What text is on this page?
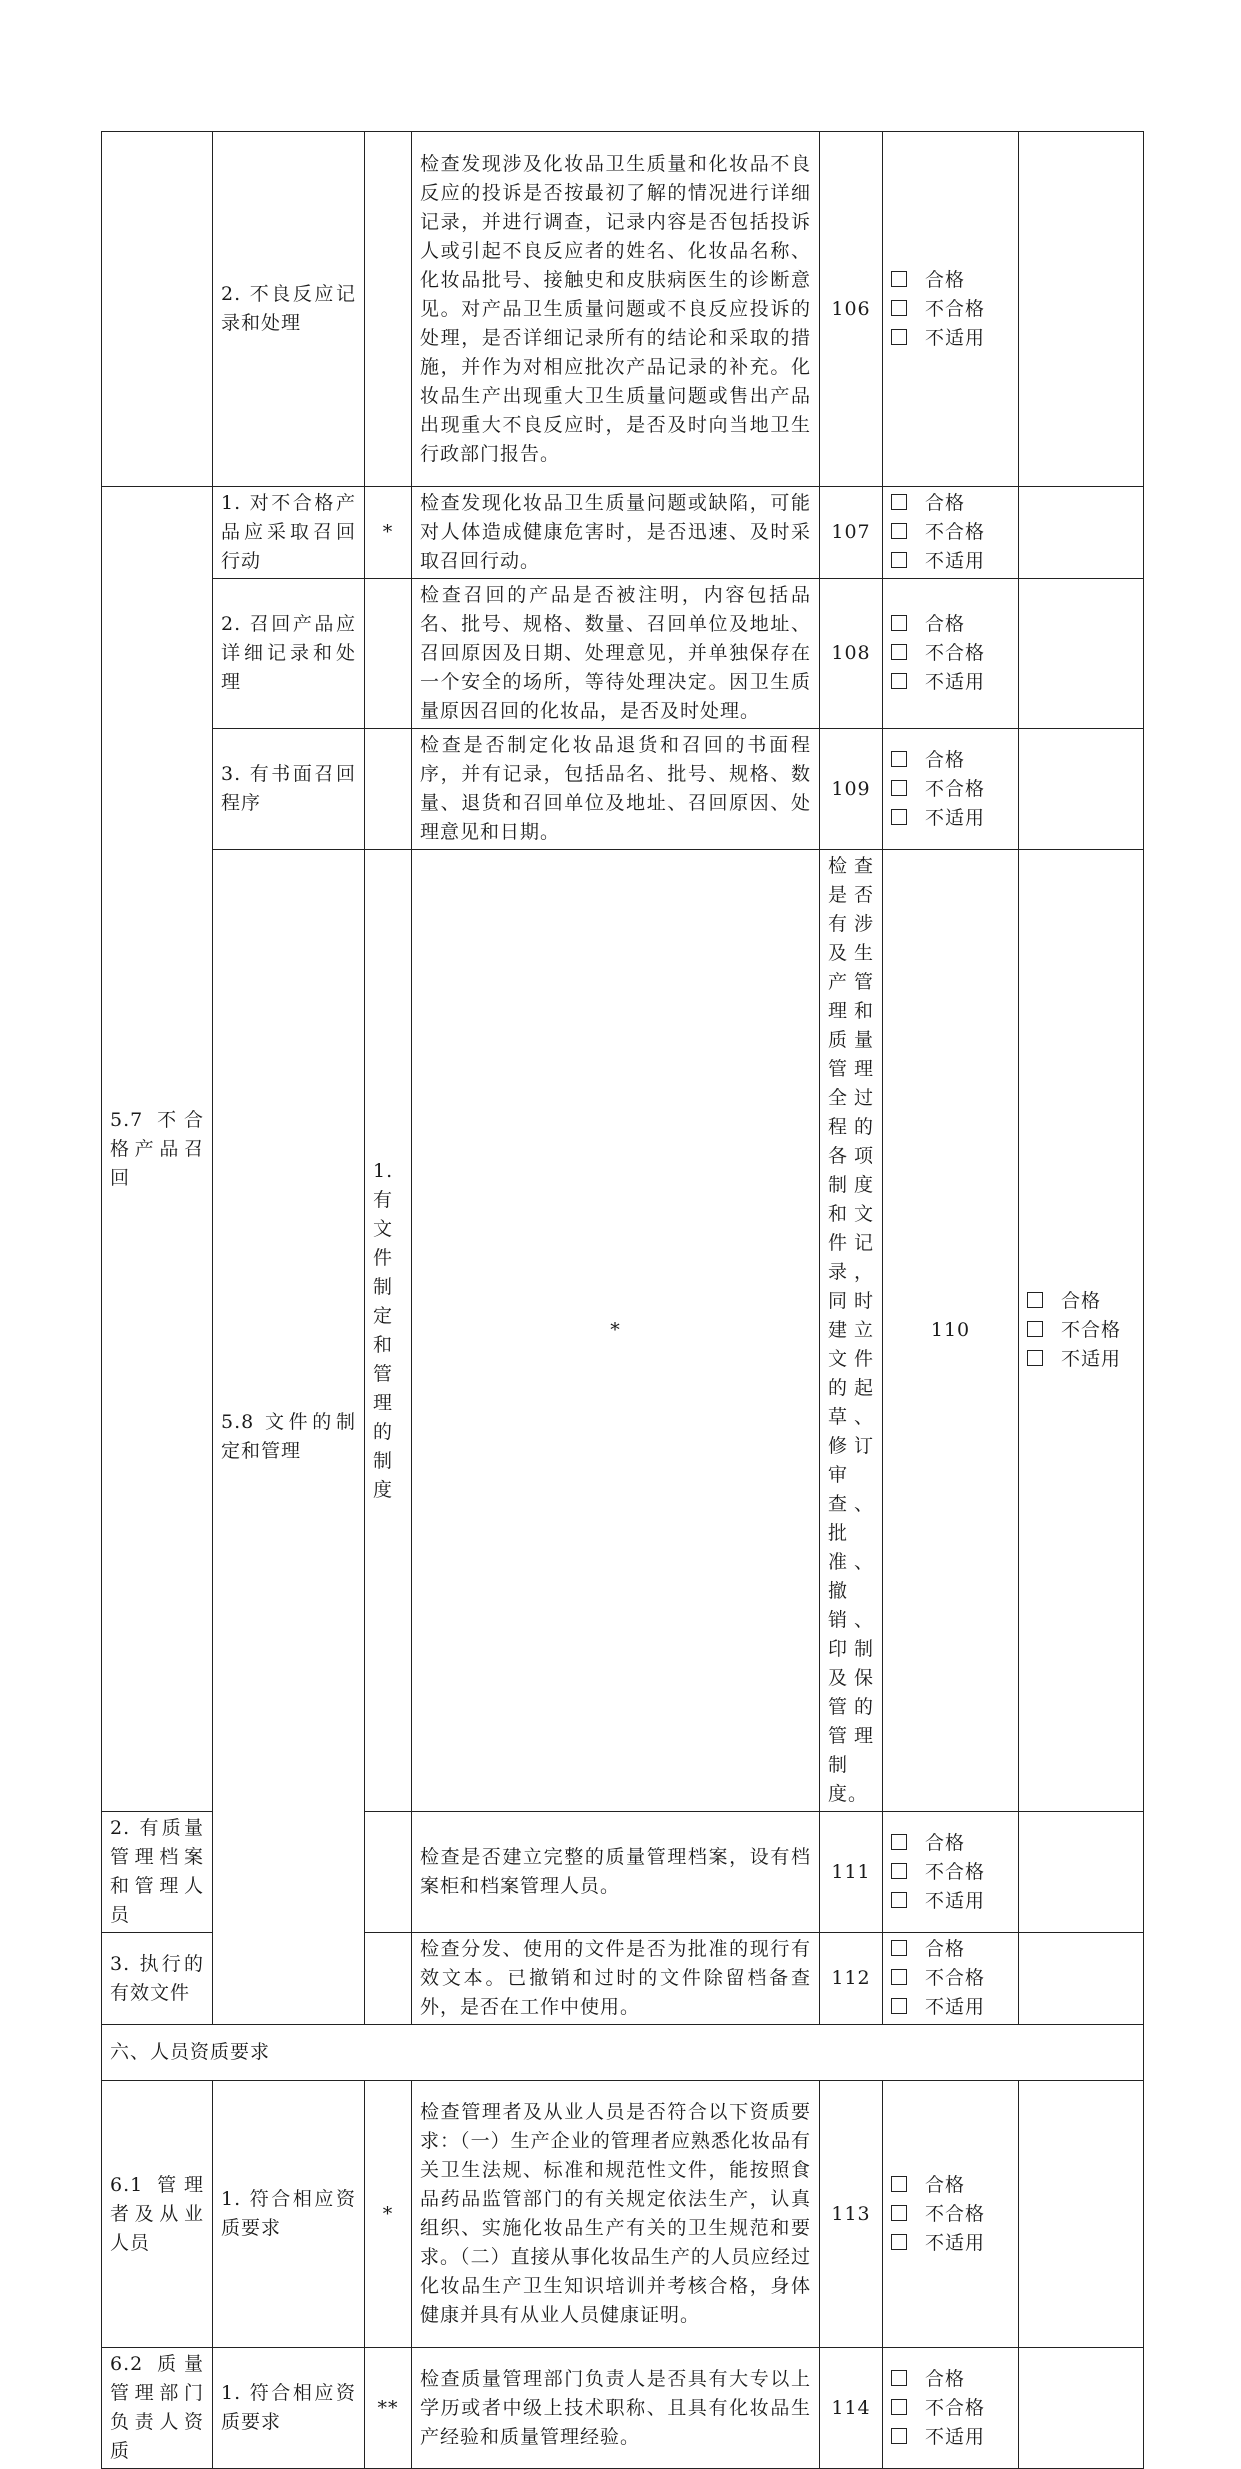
	2. 不良反应记录和处理		检查发现涉及化妆品卫生质量和化妆品不良反应的投诉是否按最初了解的情况进行详细记录，并进行调查，记录内容是否包括投诉人或引起不良反应者的姓名、化妆品名称、化妆品批号、接触史和皮肤病医生的诊断意见。对产品卫生质量问题或不良反应投诉的处理，是否详细记录所有的结论和采取的措施，并作为对相应批次产品记录的补充。化妆品生产出现重大卫生质量问题或售出产品出现重大不良反应时，是否及时向当地卫生行政部门报告。	106	合格
不合格
不适用		

5.7 不合格产品召回	1. 对不合格产品应采取召回行动	*	检查发现化妆品卫生质量问题或缺陷，可能对人体造成健康危害时，是否迅速、及时采取召回行动。	107	合格
不合格
不适用		

	2. 召回产品应详细记录和处理		检查召回的产品是否被注明，内容包括品名、批号、规格、数量、召回单位及地址、召回原因及日期、处理意见，并单独保存在一个安全的场所，等待处理决定。因卫生质量原因召回的化妆品，是否及时处理。	108	合格
不合格
不适用		

	3. 有书面召回程序		检查是否制定化妆品退货和召回的书面程序，并有记录，包括品名、批号、规格、数量、退货和召回单位及地址、召回原因、处理意见和日期。	109	合格
不合格
不适用		

	5.8 文件的制定和管理	1. 有文件制定和管理的制度	*	检查是否有涉及生产管理和质量管理全过程的各项制度和文件记录，同时建立文件的起草、修订审查、批准、撤销、印制及保管的管理制度。	110	合格
不合格
不适用	

2. 有质量管理档案和管理人员			检查是否建立完整的质量管理档案，设有档案柜和档案管理人员。	111	合格
不合格
不适用		

3. 执行的有效文件			检查分发、使用的文件是否为批准的现行有效文本。已撤销和过时的文件除留档备查外，是否在工作中使用。	112	合格
不合格
不适用		

六、人员资质要求							
6.1 管理者及从业人员	1. 符合相应资质要求	*	检查管理者及从业人员是否符合以下资质要求：（一）生产企业的管理者应熟悉化妆品有关卫生法规、标准和规范性文件，能按照食品药品监管部门的有关规定依法生产，认真组织、实施化妆品生产有关的卫生规范和要求。（二）直接从事化妆品生产的人员应经过化妆品生产卫生知识培训并考核合格，身体健康并具有从业人员健康证明。	113	合格
不合格
不适用		

6.2 质量管理部门负责人资质	1. 符合相应资质要求	**	检查质量管理部门负责人是否具有大专以上学历或者中级上技术职称、且具有化妆品生产经验和质量管理经验。	114	合格
不合格
不适用		
